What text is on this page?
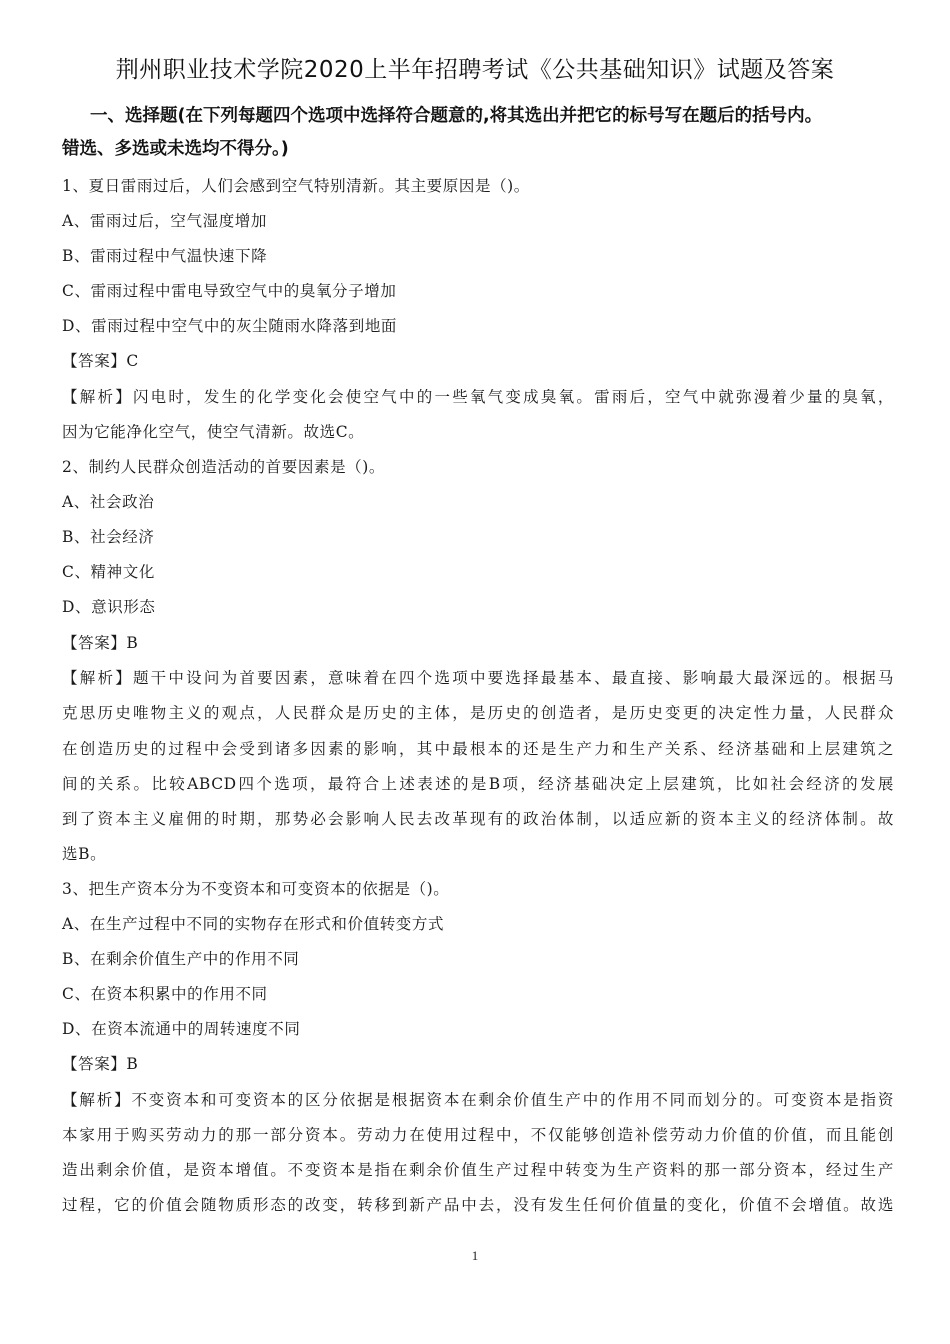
荆州职业技术学院2020上半年招聘考试《公共基础知识》试题及答案
一、选择题(在下列每题四个选项中选择符合题意的,将其选出并把它的标号写在题后的括号内。
错选、多选或未选均不得分。)
1、夏日雷雨过后，人们会感到空气特别清新。其主要原因是（)。
A、雷雨过后，空气湿度增加
B、雷雨过程中气温快速下降
C、雷雨过程中雷电导致空气中的臭氧分子增加
D、雷雨过程中空气中的灰尘随雨水降落到地面
【答案】C
【解析】闪电时，发生的化学变化会使空气中的一些氧气变成臭氧。雷雨后，空气中就弥漫着少量的臭氧，
因为它能净化空气，使空气清新。故选C。
2、制约人民群众创造活动的首要因素是（)。
A、社会政治
B、社会经济
C、精神文化
D、意识形态
【答案】B
【解析】题干中设问为首要因素，意味着在四个选项中要选择最基本、最直接、影响最大最深远的。根据马
克思历史唯物主义的观点，人民群众是历史的主体，是历史的创造者，是历史变更的决定性力量，人民群众
在创造历史的过程中会受到诸多因素的影响，其中最根本的还是生产力和生产关系、经济基础和上层建筑之
间的关系。比较ABCD四个选项，最符合上述表述的是B项，经济基础决定上层建筑，比如社会经济的发展
到了资本主义雇佣的时期，那势必会影响人民去改革现有的政治体制，以适应新的资本主义的经济体制。故
选B。
3、把生产资本分为不变资本和可变资本的依据是（)。
A、在生产过程中不同的实物存在形式和价值转变方式
B、在剩余价值生产中的作用不同
C、在资本积累中的作用不同
D、在资本流通中的周转速度不同
【答案】B
【解析】不变资本和可变资本的区分依据是根据资本在剩余价值生产中的作用不同而划分的。可变资本是指资
本家用于购买劳动力的那一部分资本。劳动力在使用过程中，不仅能够创造补偿劳动力价值的价值，而且能创
造出剩余价值，是资本增值。不变资本是指在剩余价值生产过程中转变为生产资料的那一部分资本，经过生产
过程，它的价值会随物质形态的改变，转移到新产品中去，没有发生任何价值量的变化，价值不会增值。故选
1
